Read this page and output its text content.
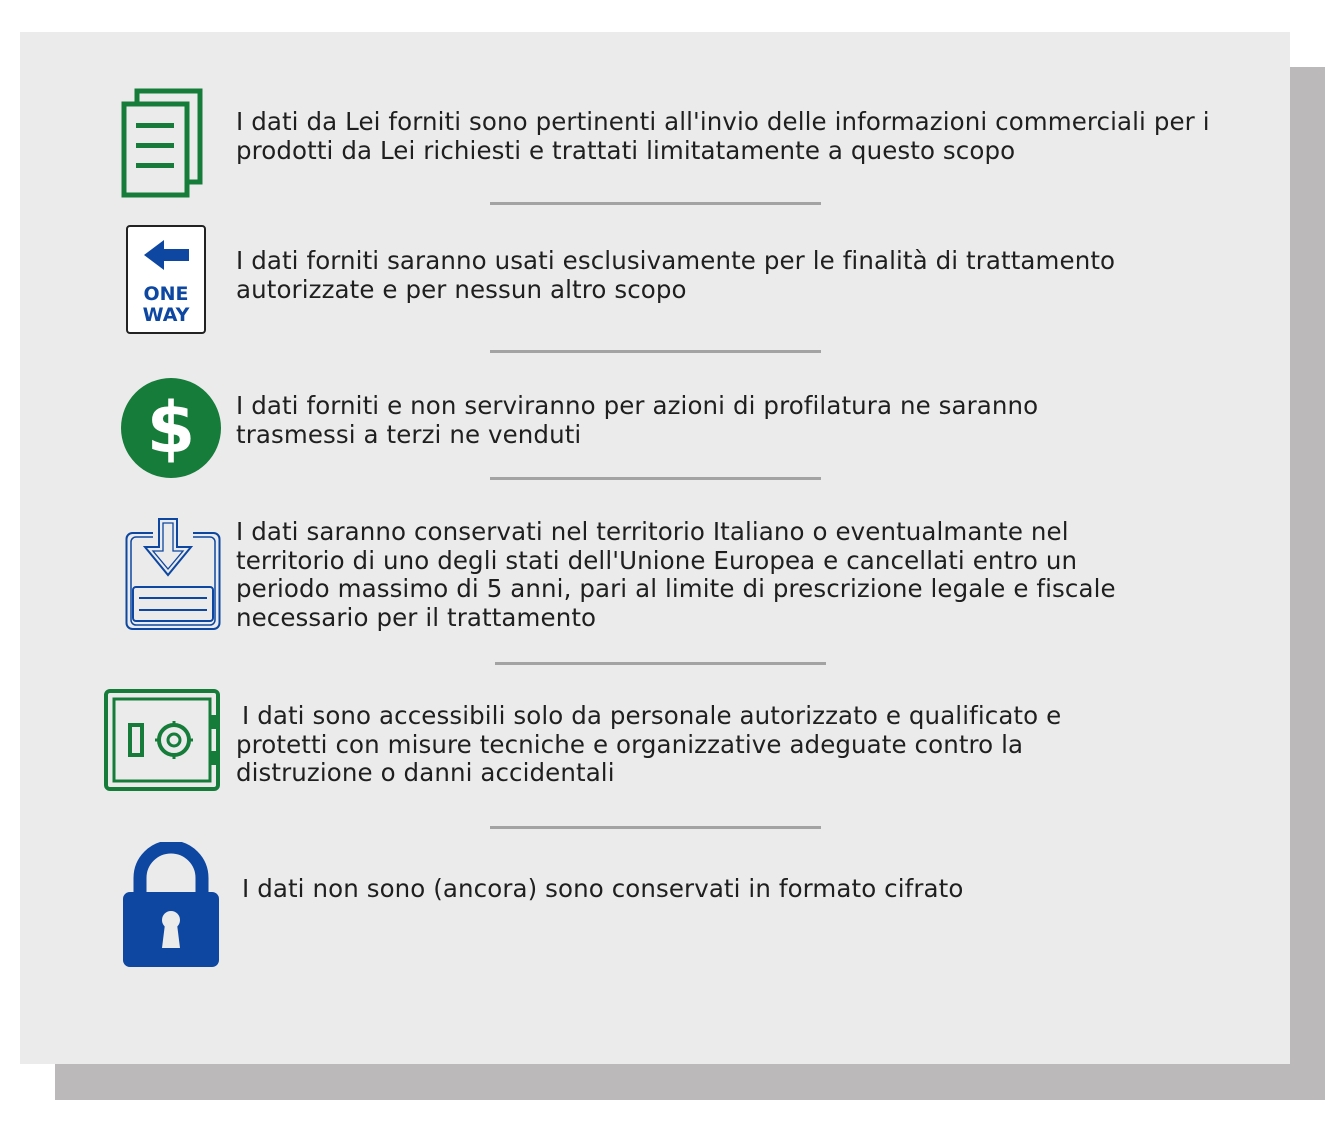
I dati da Lei forniti sono pertinenti all'invio delle informazioni commerciali per i prodotti da Lei richiesti e trattati limitatamente a questo scopo
ONE
WAY
I dati forniti saranno usati esclusivamente per le finalità di trattamento autorizzate e per nessun altro scopo
$	I dati forniti e non serviranno per azioni di profilatura ne saranno trasmessi a terzi ne venduti
I dati saranno conservati nel territorio Italiano o eventualmante nel territorio di uno degli stati dell'Unione Europea e cancellati entro un periodo massimo di 5 anni, pari al limite di prescrizione legale e fiscale necessario per il trattamento
I dati sono accessibili solo da personale autorizzato e qualificato e protetti con misure tecniche e organizzative adeguate contro la distruzione o danni accidentali
I dati non sono (ancora) sono conservati in formato cifrato
